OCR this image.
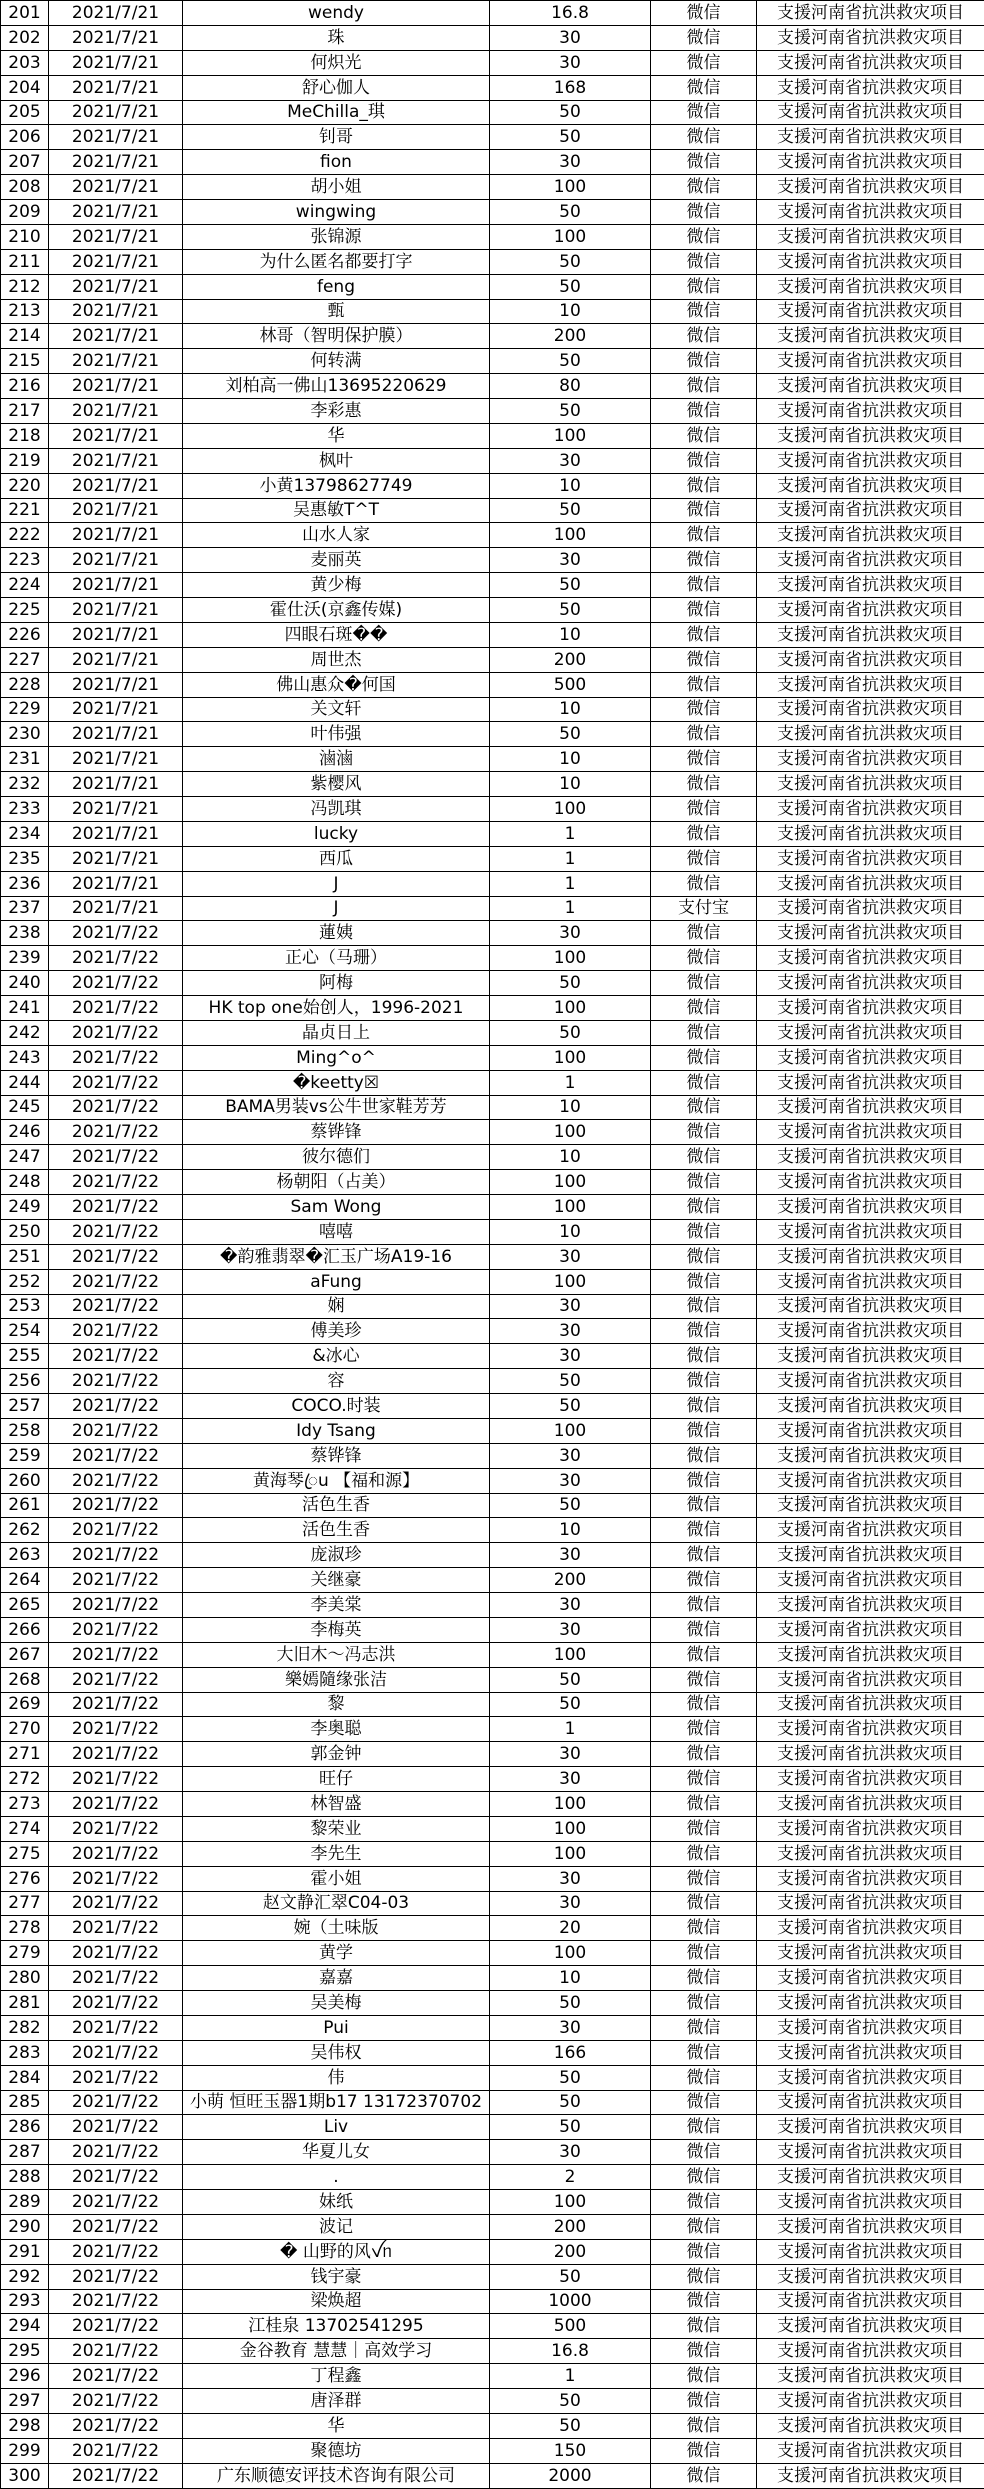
201	2021/7/21	wendy	16.8	微信	支援河南省抗洪救灾项目
202	2021/7/21	珠	30	微信	支援河南省抗洪救灾项目
203	2021/7/21	何炽光	30	微信	支援河南省抗洪救灾项目
204	2021/7/21	舒心伽人	168	微信	支援河南省抗洪救灾项目
205	2021/7/21	MeChilla_琪	50	微信	支援河南省抗洪救灾项目
206	2021/7/21	钊哥	50	微信	支援河南省抗洪救灾项目
207	2021/7/21	fion	30	微信	支援河南省抗洪救灾项目
208	2021/7/21	胡小姐	100	微信	支援河南省抗洪救灾项目
209	2021/7/21	wingwing	50	微信	支援河南省抗洪救灾项目
210	2021/7/21	张锦源	100	微信	支援河南省抗洪救灾项目
211	2021/7/21	为什么匿名都要打字	50	微信	支援河南省抗洪救灾项目
212	2021/7/21	feng	50	微信	支援河南省抗洪救灾项目
213	2021/7/21	甄	10	微信	支援河南省抗洪救灾项目
214	2021/7/21	林哥（智明保护膜）	200	微信	支援河南省抗洪救灾项目
215	2021/7/21	何转满	50	微信	支援河南省抗洪救灾项目
216	2021/7/21	刘柏高一佛山13695220629	80	微信	支援河南省抗洪救灾项目
217	2021/7/21	李彩惠	50	微信	支援河南省抗洪救灾项目
218	2021/7/21	华	100	微信	支援河南省抗洪救灾项目
219	2021/7/21	枫叶	30	微信	支援河南省抗洪救灾项目
220	2021/7/21	小黄13798627749	10	微信	支援河南省抗洪救灾项目
221	2021/7/21	吴惠敏T^T	50	微信	支援河南省抗洪救灾项目
222	2021/7/21	山水人家	100	微信	支援河南省抗洪救灾项目
223	2021/7/21	麦丽英	30	微信	支援河南省抗洪救灾项目
224	2021/7/21	黄少梅	50	微信	支援河南省抗洪救灾项目
225	2021/7/21	霍仕沃(京鑫传媒)	50	微信	支援河南省抗洪救灾项目
226	2021/7/21	四眼石斑��	10	微信	支援河南省抗洪救灾项目
227	2021/7/21	周世杰	200	微信	支援河南省抗洪救灾项目
228	2021/7/21	佛山惠众�何国	500	微信	支援河南省抗洪救灾项目
229	2021/7/21	关文轩	10	微信	支援河南省抗洪救灾项目
230	2021/7/21	叶伟强	50	微信	支援河南省抗洪救灾项目
231	2021/7/21	滷滷	10	微信	支援河南省抗洪救灾项目
232	2021/7/21	紫樱风	10	微信	支援河南省抗洪救灾项目
233	2021/7/21	冯凯琪	100	微信	支援河南省抗洪救灾项目
234	2021/7/21	lucky	1	微信	支援河南省抗洪救灾项目
235	2021/7/21	西瓜	1	微信	支援河南省抗洪救灾项目
236	2021/7/21	J	1	微信	支援河南省抗洪救灾项目
237	2021/7/21	J	1	支付宝	支援河南省抗洪救灾项目
238	2021/7/22	蓮姨	30	微信	支援河南省抗洪救灾项目
239	2021/7/22	正心（马珊）	100	微信	支援河南省抗洪救灾项目
240	2021/7/22	阿梅	50	微信	支援河南省抗洪救灾项目
241	2021/7/22	HK top one始创人，1996-2021	100	微信	支援河南省抗洪救灾项目
242	2021/7/22	晶贞日上	50	微信	支援河南省抗洪救灾项目
243	2021/7/22	Ming^o^	100	微信	支援河南省抗洪救灾项目
244	2021/7/22	�keetty☒	1	微信	支援河南省抗洪救灾项目
245	2021/7/22	BAMA男装vs公牛世家鞋芳芳	10	微信	支援河南省抗洪救灾项目
246	2021/7/22	蔡铧锋	100	微信	支援河南省抗洪救灾项目
247	2021/7/22	彼尔德们	10	微信	支援河南省抗洪救灾项目
248	2021/7/22	杨朝阳（占美）	100	微信	支援河南省抗洪救灾项目
249	2021/7/22	Sam Wong	100	微信	支援河南省抗洪救灾项目
250	2021/7/22	嘻嘻	10	微信	支援河南省抗洪救灾项目
251	2021/7/22	�韵雅翡翠�汇玉广场A19-16	30	微信	支援河南省抗洪救灾项目
252	2021/7/22	aFung	100	微信	支援河南省抗洪救灾项目
253	2021/7/22	娴	30	微信	支援河南省抗洪救灾项目
254	2021/7/22	傅美珍	30	微信	支援河南省抗洪救灾项目
255	2021/7/22	&冰心	30	微信	支援河南省抗洪救灾项目
256	2021/7/22	容	50	微信	支援河南省抗洪救灾项目
257	2021/7/22	COCO.时装	50	微信	支援河南省抗洪救灾项目
258	2021/7/22	Idy Tsang	100	微信	支援河南省抗洪救灾项目
259	2021/7/22	蔡铧锋	30	微信	支援河南省抗洪救灾项目
260	2021/7/22	黄海琴ꦿu 【福和源】	30	微信	支援河南省抗洪救灾项目
261	2021/7/22	活色生香	50	微信	支援河南省抗洪救灾项目
262	2021/7/22	活色生香	10	微信	支援河南省抗洪救灾项目
263	2021/7/22	庞淑珍	30	微信	支援河南省抗洪救灾项目
264	2021/7/22	关继豪	200	微信	支援河南省抗洪救灾项目
265	2021/7/22	李美棠	30	微信	支援河南省抗洪救灾项目
266	2021/7/22	李梅英	30	微信	支援河南省抗洪救灾项目
267	2021/7/22	大旧木～冯志洪	100	微信	支援河南省抗洪救灾项目
268	2021/7/22	樂嫣隨缘张洁	50	微信	支援河南省抗洪救灾项目
269	2021/7/22	黎	50	微信	支援河南省抗洪救灾项目
270	2021/7/22	李奥聪	1	微信	支援河南省抗洪救灾项目
271	2021/7/22	郭金钟	30	微信	支援河南省抗洪救灾项目
272	2021/7/22	旺仔	30	微信	支援河南省抗洪救灾项目
273	2021/7/22	林智盛	100	微信	支援河南省抗洪救灾项目
274	2021/7/22	黎荣业	100	微信	支援河南省抗洪救灾项目
275	2021/7/22	李先生	100	微信	支援河南省抗洪救灾项目
276	2021/7/22	霍小姐	30	微信	支援河南省抗洪救灾项目
277	2021/7/22	赵文静汇翠C04-03	30	微信	支援河南省抗洪救灾项目
278	2021/7/22	婉（土味版	20	微信	支援河南省抗洪救灾项目
279	2021/7/22	黄学	100	微信	支援河南省抗洪救灾项目
280	2021/7/22	嘉嘉	10	微信	支援河南省抗洪救灾项目
281	2021/7/22	吴美梅	50	微信	支援河南省抗洪救灾项目
282	2021/7/22	Pui	30	微信	支援河南省抗洪救灾项目
283	2021/7/22	吴伟权	166	微信	支援河南省抗洪救灾项目
284	2021/7/22	伟	50	微信	支援河南省抗洪救灾项目
285	2021/7/22	小萌 恒旺玉器1期b17 13172370702	50	微信	支援河南省抗洪救灾项目
286	2021/7/22	Liv	50	微信	支援河南省抗洪救灾项目
287	2021/7/22	华夏儿女	30	微信	支援河南省抗洪救灾项目
288	2021/7/22	.	2	微信	支援河南省抗洪救灾项目
289	2021/7/22	妹纸	100	微信	支援河南省抗洪救灾项目
290	2021/7/22	波记	200	微信	支援河南省抗洪救灾项目
291	2021/7/22	� 山野的风ꪜᥒ	200	微信	支援河南省抗洪救灾项目
292	2021/7/22	钱宇豪	50	微信	支援河南省抗洪救灾项目
293	2021/7/22	梁焕超	1000	微信	支援河南省抗洪救灾项目
294	2021/7/22	江桂泉 13702541295	500	微信	支援河南省抗洪救灾项目
295	2021/7/22	金谷教育 慧慧｜高效学习	16.8	微信	支援河南省抗洪救灾项目
296	2021/7/22	丁程鑫	1	微信	支援河南省抗洪救灾项目
297	2021/7/22	唐泽群	50	微信	支援河南省抗洪救灾项目
298	2021/7/22	华	50	微信	支援河南省抗洪救灾项目
299	2021/7/22	聚德坊	150	微信	支援河南省抗洪救灾项目
300	2021/7/22	广东顺德安评技术咨询有限公司	2000	微信	支援河南省抗洪救灾项目
